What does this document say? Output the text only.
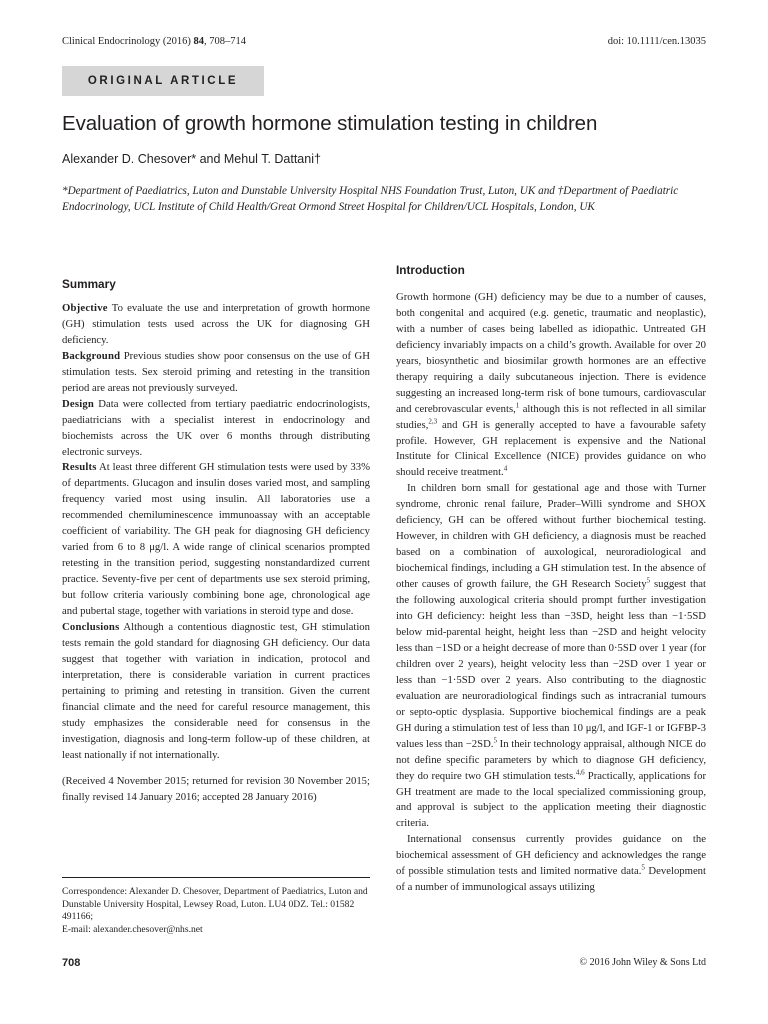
Clinical Endocrinology (2016) 84, 708–714	doi: 10.1111/cen.13035
ORIGINAL ARTICLE
Evaluation of growth hormone stimulation testing in children
Alexander D. Chesover* and Mehul T. Dattani†
*Department of Paediatrics, Luton and Dunstable University Hospital NHS Foundation Trust, Luton, UK and †Department of Paediatric Endocrinology, UCL Institute of Child Health/Great Ormond Street Hospital for Children/UCL Hospitals, London, UK
Summary

Objective To evaluate the use and interpretation of growth hormone (GH) stimulation tests used across the UK for diagnosing GH deficiency.

Background Previous studies show poor consensus on the use of GH stimulation tests. Sex steroid priming and retesting in the transition period are areas not previously surveyed.

Design Data were collected from tertiary paediatric endocrinologists, paediatricians with a specialist interest in endocrinology and biochemists across the UK over 6 months through distributing electronic surveys.

Results At least three different GH stimulation tests were used by 33% of departments. Glucagon and insulin doses varied most, and sampling frequency varied most using insulin. All laboratories use a recommended chemiluminescence immunoassay with an acceptable coefficient of variability. The GH peak for diagnosing GH deficiency varied from 6 to 8 μg/l. A wide range of clinical scenarios prompted retesting in the transition period, suggesting nonstandardized current practice. Seventy-five per cent of departments use sex steroid priming, but follow criteria variously combining bone age, chronological age and pubertal stage, together with variations in steroid type and dose.

Conclusions Although a contentious diagnostic test, GH stimulation tests remain the gold standard for diagnosing GH deficiency. Our data suggest that together with variation in indication, protocol and interpretation, there is considerable variation in current practices pertaining to priming and retesting in transition. Given the current financial climate and the need for careful resource management, this study emphasizes the considerable need for consensus in the investigation, diagnosis and long-term follow-up of these children, at least nationally if not internationally.

(Received 4 November 2015; returned for revision 30 November 2015; finally revised 14 January 2016; accepted 28 January 2016)

Correspondence: Alexander D. Chesover, Department of Paediatrics, Luton and Dunstable University Hospital, Lewsey Road, Luton. LU4 0DZ. Tel.: 01582 491166;
E-mail: alexander.chesover@nhs.net
Introduction

Growth hormone (GH) deficiency may be due to a number of causes, both congenital and acquired (e.g. genetic, traumatic and neoplastic), with a number of cases being labelled as idiopathic. Untreated GH deficiency invariably impacts on a child’s growth. Available for over 20 years, biosynthetic and biosimilar growth hormones are an effective therapy requiring a daily subcutaneous injection. There is evidence suggesting an increased long-term risk of bone tumours, cardiovascular and cerebrovascular events,$^1$ although this is not reflected in all similar studies,$^{2,3}$ and GH is generally accepted to have a favourable safety profile. However, GH replacement is expensive and the National Institute for Clinical Excellence (NICE) provides guidance on who should receive treatment.$^4$

In children born small for gestational age and those with Turner syndrome, chronic renal failure, Prader–Willi syndrome and SHOX deficiency, GH can be offered without further biochemical testing. However, in children with GH deficiency, a diagnosis must be reached based on a combination of auxological, neuroradiological and biochemical findings, including a GH stimulation test. In the absence of other causes of growth failure, the GH Research Society$^5$ suggest that the following auxological criteria should prompt further investigation into GH deficiency: height less than −3SD, height less than −1·5SD below mid-parental height, height less than −2SD and height velocity less than −1SD or a height decrease of more than 0·5SD over 1 year (for children over 2 years), height velocity less than −2SD over 1 year or less than −1·5SD over 2 years. Also contributing to the diagnostic evaluation are neuroradiological findings such as intracranial tumours or septo-optic dysplasia. Supportive biochemical findings are a peak GH during a stimulation test of less than 10 μg/l, and IGF-1 or IGFBP-3 values less than −2SD.$^5$ In their technology appraisal, although NICE do not define specific parameters by which to diagnose GH deficiency, they do require two GH stimulation tests.$^{4,6}$ Practically, applications for GH treatment are made to the local specialized commissioning group, and approval is subject to the application meeting their diagnostic criteria.

International consensus currently provides guidance on the biochemical assessment of GH deficiency and acknowledges the range of possible stimulation tests and limited normative data.$^5$ Development of a number of immunological assays utilizing

708	© 2016 John Wiley & Sons Ltd
